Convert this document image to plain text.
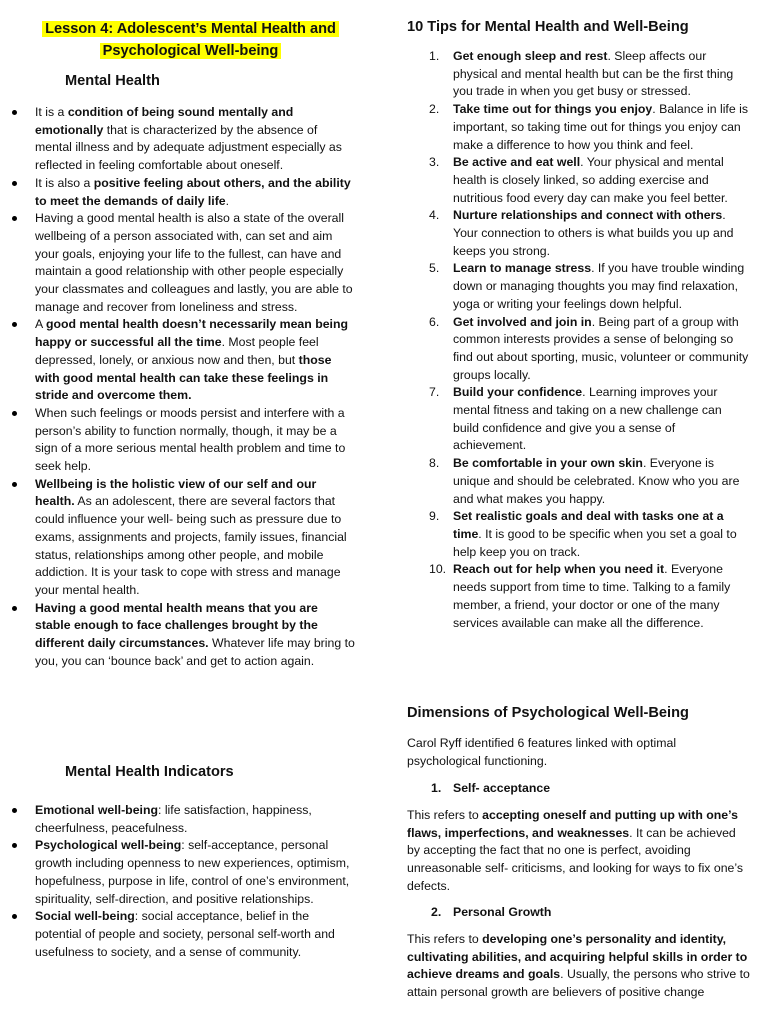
Lesson 4: Adolescent’s Mental Health and Psychological Well-being
Mental Health
It is a condition of being sound mentally and emotionally that is characterized by the absence of mental illness and by adequate adjustment especially as reflected in feeling comfortable about oneself.
It is also a positive feeling about others, and the ability to meet the demands of daily life.
Having a good mental health is also a state of the overall wellbeing of a person associated with, can set and aim your goals, enjoying your life to the fullest, can have and maintain a good relationship with other people especially your classmates and colleagues and lastly, you are able to manage and recover from loneliness and stress.
A good mental health doesn’t necessarily mean being happy or successful all the time. Most people feel depressed, lonely, or anxious now and then, but those with good mental health can take these feelings in stride and overcome them.
When such feelings or moods persist and interfere with a person’s ability to function normally, though, it may be a sign of a more serious mental health problem and time to seek help.
Wellbeing is the holistic view of our self and our health. As an adolescent, there are several factors that could influence your well- being such as pressure due to exams, assignments and projects, family issues, financial status, relationships among other people, and mobile addiction. It is your task to cope with stress and manage your mental health.
Having a good mental health means that you are stable enough to face challenges brought by the different daily circumstances. Whatever life may bring to you, you can ‘bounce back’ and get to action again.
Mental Health Indicators
Emotional well-being: life satisfaction, happiness, cheerfulness, peacefulness.
Psychological well-being: self-acceptance, personal growth including openness to new experiences, optimism, hopefulness, purpose in life, control of one’s environment, spirituality, self-direction, and positive relationships.
Social well-being: social acceptance, belief in the potential of people and society, personal self-worth and usefulness to society, and a sense of community.
10 Tips for Mental Health and Well-Being
1. Get enough sleep and rest. Sleep affects our physical and mental health but can be the first thing you trade in when you get busy or stressed.
2. Take time out for things you enjoy. Balance in life is important, so taking time out for things you enjoy can make a difference to how you think and feel.
3. Be active and eat well. Your physical and mental health is closely linked, so adding exercise and nutritious food every day can make you feel better.
4. Nurture relationships and connect with others. Your connection to others is what builds you up and keeps you strong.
5. Learn to manage stress. If you have trouble winding down or managing thoughts you may find relaxation, yoga or writing your feelings down helpful.
6. Get involved and join in. Being part of a group with common interests provides a sense of belonging so find out about sporting, music, volunteer or community groups locally.
7. Build your confidence. Learning improves your mental fitness and taking on a new challenge can build confidence and give you a sense of achievement.
8. Be comfortable in your own skin. Everyone is unique and should be celebrated. Know who you are and what makes you happy.
9. Set realistic goals and deal with tasks one at a time. It is good to be specific when you set a goal to help keep you on track.
10. Reach out for help when you need it. Everyone needs support from time to time. Talking to a family member, a friend, your doctor or one of the many services available can make all the difference.
Dimensions of Psychological Well-Being

Carol Ryff identified 6 features linked with optimal psychological functioning.

1. Self- acceptance

This refers to accepting oneself and putting up with one’s flaws, imperfections, and weaknesses. It can be achieved by accepting the fact that no one is perfect, avoiding unreasonable self- criticisms, and looking for ways to fix one’s defects.

2. Personal Growth

This refers to developing one’s personality and identity, cultivating abilities, and acquiring helpful skills in order to achieve dreams and goals. Usually, the persons who strive to attain personal growth are believers of positive change
